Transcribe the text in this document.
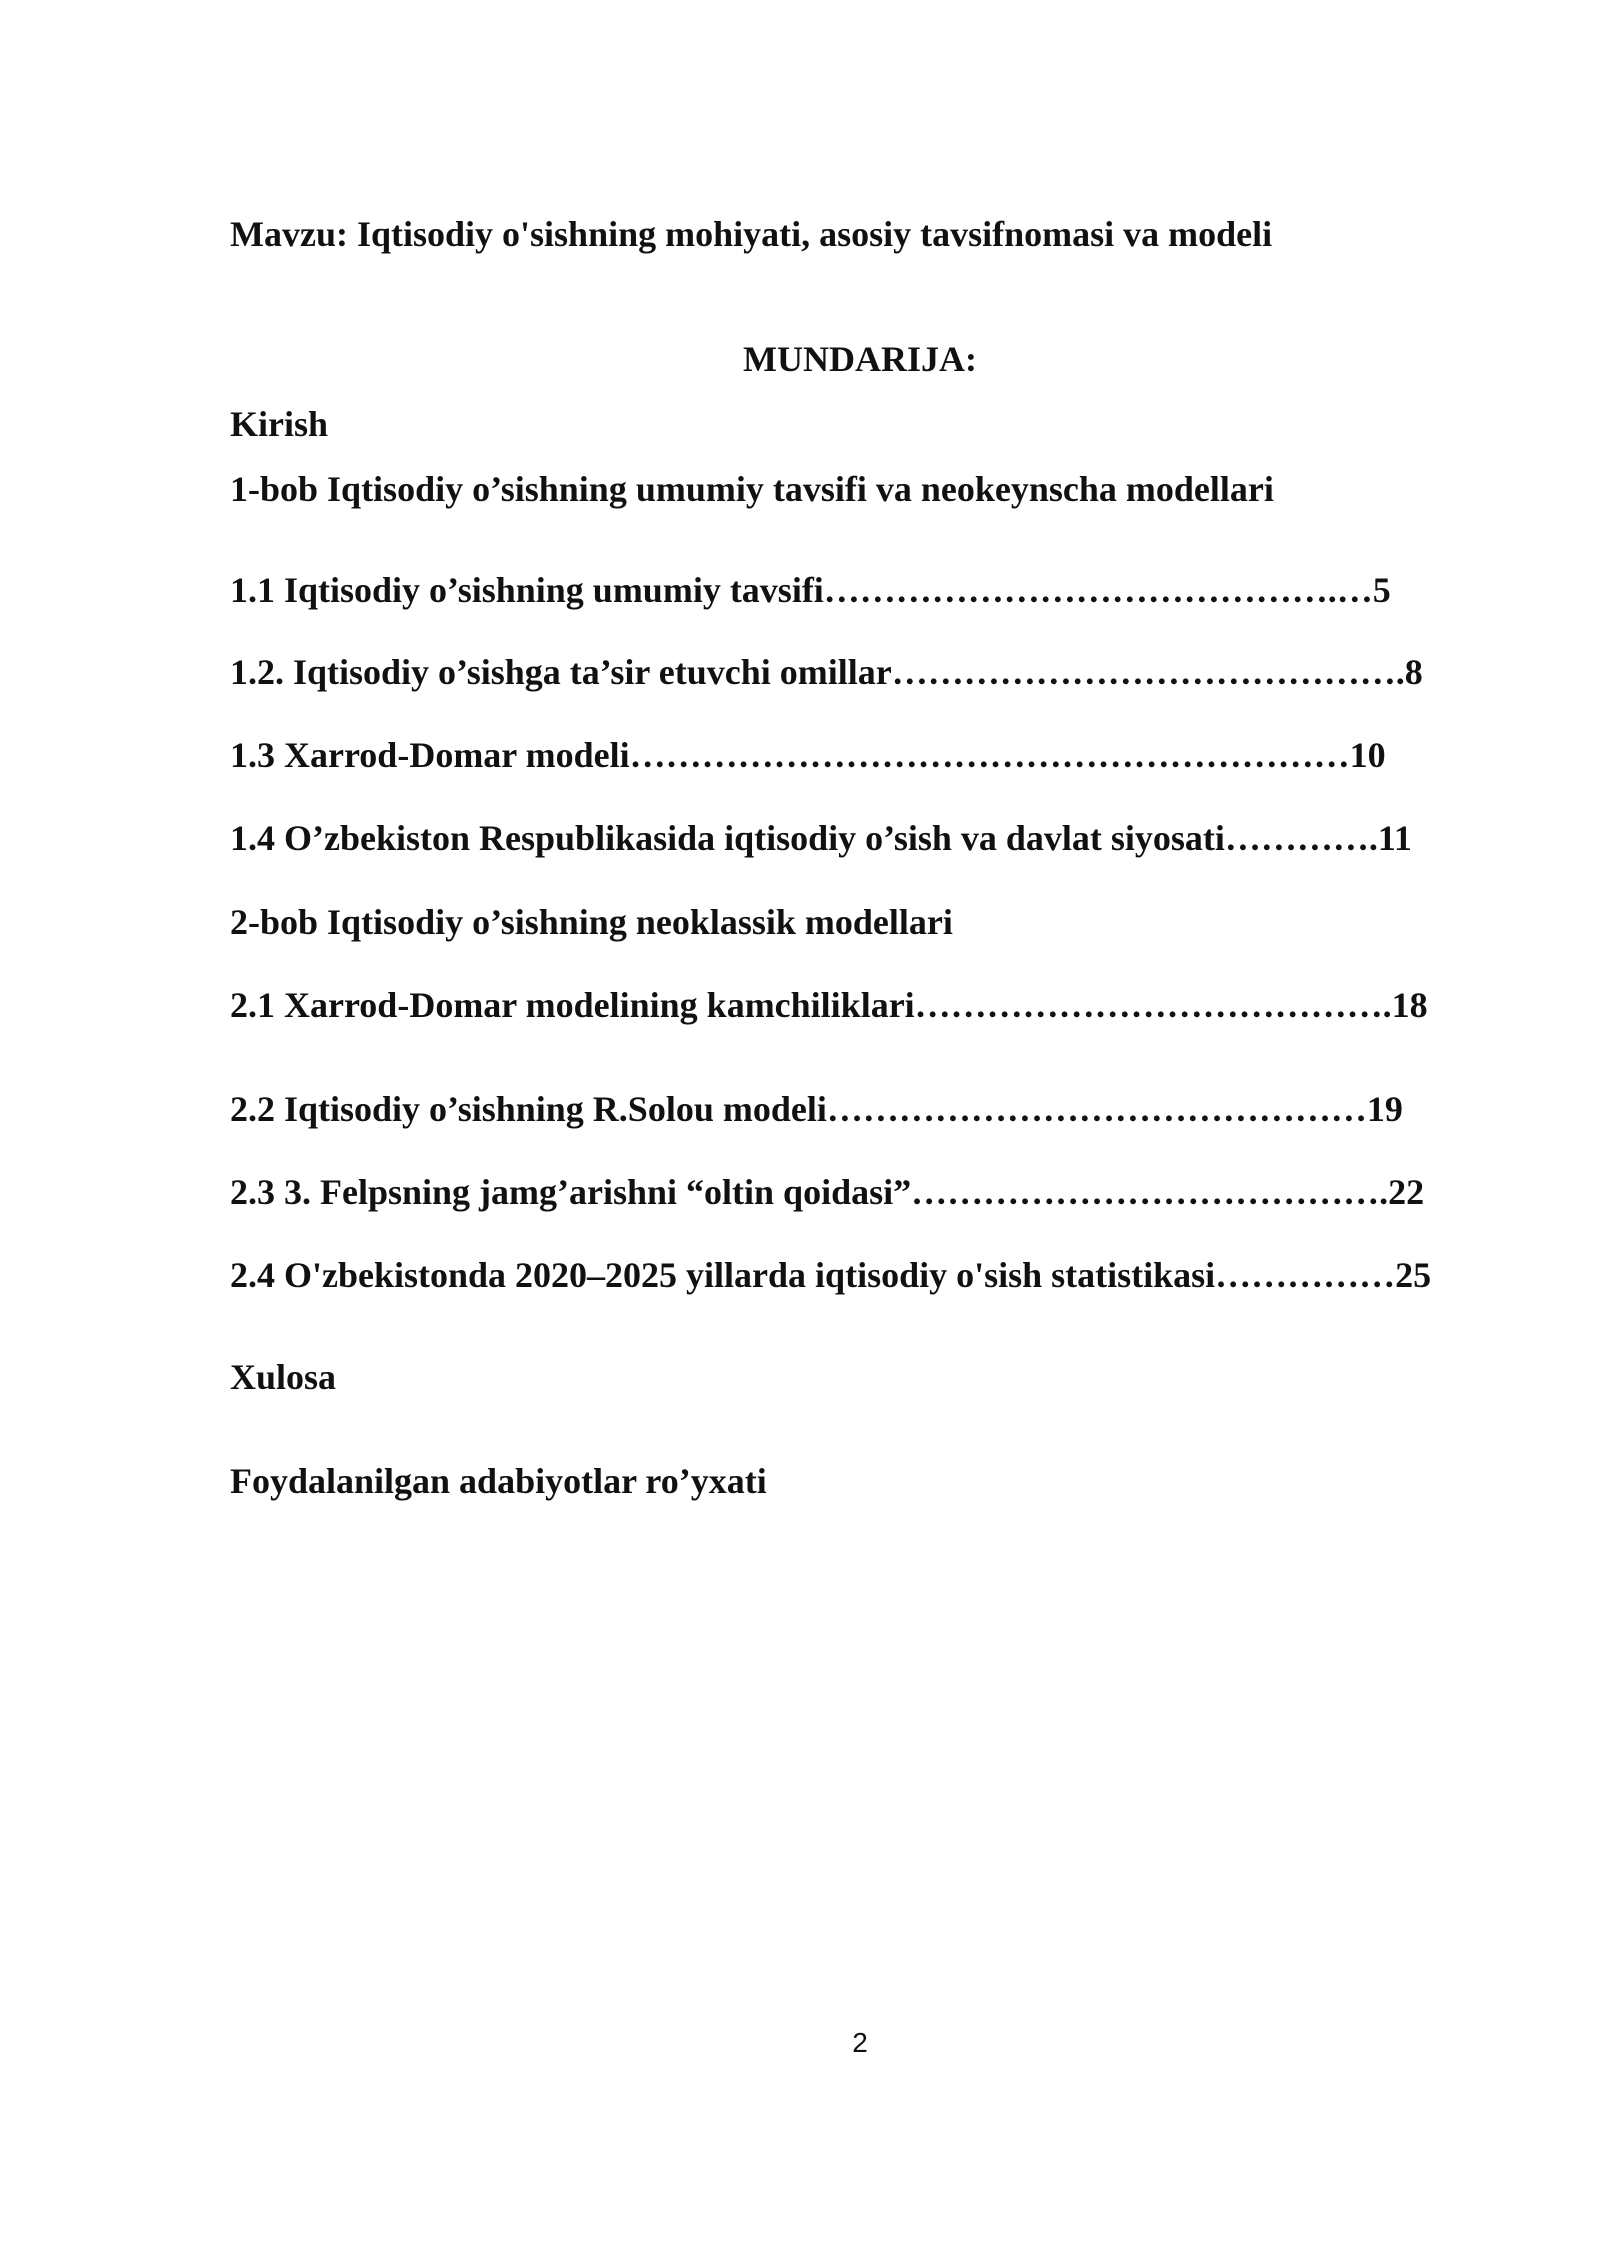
Mavzu: Iqtisodiy o'sishning mohiyati, asosiy tavsifnomasi va modeli
MUNDARIJA:
Kirish
1-bob Iqtisodiy o’sishning umumiy tavsifi va neokeynscha modellari
1.1 Iqtisodiy o’sishning umumiy tavsifi…………………………………….…5
1.2. Iqtisodiy o’sishga ta’sir etuvchi omillar…………………………………….8
1.3 Xarrod-Domar modeli……………………………………………………10
1.4 O’zbekiston Respublikasida iqtisodiy o’sish va davlat siyosati………….11
2-bob Iqtisodiy o’sishning neoklassik modellari
2.1 Xarrod-Domar modelining kamchiliklari………………………………….18
2.2 Iqtisodiy o’sishning R.Solou modeli………………………………………19
2.3 3. Felpsning jamg’arishni “oltin qoidasi”………………………………….22
2.4 O'zbekistonda 2020–2025 yillarda iqtisodiy o'sish statistikasi……………25
Xulosa
Foydalanilgan adabiyotlar ro’yxati
2
